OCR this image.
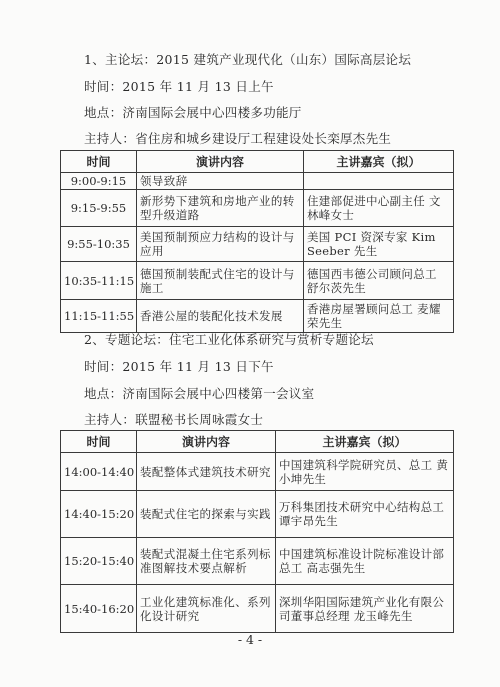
1、主论坛：2015 建筑产业现代化（山东）国际高层论坛
时间：2015 年 11 月 13 日上午
地点：济南国际会展中心四楼多功能厅
主持人：省住房和城乡建设厅工程建设处长栾厚杰先生
时间	演讲内容	主讲嘉宾（拟）
9:00-9:15	领导致辞	
9:15-9:55	新形势下建筑和房地产业的转型升级道路	住建部促进中心副主任 文林峰女士
9:55-10:35	美国预制预应力结构的设计与应用	美国 PCI 资深专家 Kim Seeber 先生
10:35-11:15	德国预制装配式住宅的设计与施工	德国西韦德公司顾问总工 舒尔茨先生
11:15-11:55	香港公屋的装配化技术发展	香港房屋署顾问总工 麦耀荣先生
2、专题论坛：住宅工业化体系研究与赏析专题论坛
时间：2015 年 11 月 13 日下午
地点：济南国际会展中心四楼第一会议室
主持人：联盟秘书长周咏霞女士
时间	演讲内容	主讲嘉宾（拟）
14:00-14:40	装配整体式建筑技术研究	中国建筑科学院研究员、总工 黄小坤先生
14:40-15:20	装配式住宅的探索与实践	万科集团技术研究中心结构总工 谭宇昂先生
15:20-15:40	装配式混凝土住宅系列标准图解技术要点解析	中国建筑标准设计院标准设计部总工 高志强先生
15:40-16:20	工业化建筑标准化、系列化设计研究	深圳华阳国际建筑产业化有限公司董事总经理 龙玉峰先生
- 4 -
